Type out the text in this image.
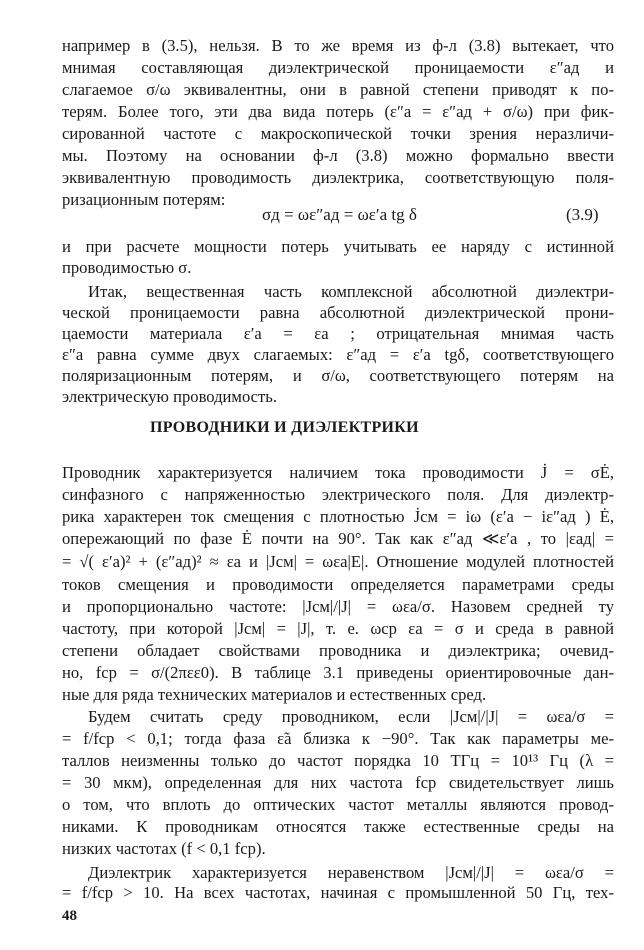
например в (3.5), нельзя. В то же время из ф-л (3.8) вытекает, что
мнимая составляющая диэлектрической проницаемости ε″ад и
слагаемое σ/ω эквивалентны, они в равной степени приводят к по-
терям. Более того, эти два вида потерь (ε″a = ε″ад + σ/ω) при фик-
сированной частоте с макроскопической точки зрения неразличи-
мы. Поэтому на основании ф-л (3.8) можно формально ввести
эквивалентную проводимость диэлектрика, соответствующую поля-
ризационным потерям:
σд = ωε″ад = ωε′a tg δ	(3.9)
и при расчете мощности потерь учитывать ее наряду с истинной
проводимостью σ.
Итак, вещественная часть комплексной абсолютной диэлектри-
ческой проницаемости равна абсолютной диэлектрической прони-
цаемости материала ε′a = εa ; отрицательная мнимая часть
ε″a равна сумме двух слагаемых: ε″ад = ε′a tgδ, соответствующего
поляризационным потерям, и σ/ω, соответствующего потерям на
ПРОВОДНИКИ И ДИЭЛЕКТРИКИ
Проводник характеризуется наличием тока проводимости J̇ = σĖ,
синфазного с напряженностью электрического поля. Для диэлектр-
рика характерен ток смещения с плотностью J̇см = iω (ε′a − iε″ад ) Ė,
опережающий по фазе Ė почти на 90°. Так как ε″ад ≪ε′a , то |εад| =
= √( ε′a)² + (ε″ад)² ≈ εa и |Jсм| = ωεa|E|. Отношение модулей плотностей
токов смещения и проводимости определяется параметрами среды
и пропорционально частоте: |Jсм|/|J| = ωεa/σ. Назовем средней ту
частоту, при которой |Jсм| = |J|, т. е. ωср εa = σ и среда в равной
степени обладает свойствами проводника и диэлектрика; очевид-
но, fср = σ/(2πεε0). В таблице 3.1 приведены ориентировочные дан-
ные для ряда технических материалов и естественных сред.
Будем считать среду проводником, если |Jсм|/|J| = ωεa/σ =
= f/fср < 0,1; тогда фаза ε̃a близка к −90°. Так как параметры ме-
таллов неизменны только до частот порядка 10 ТГц = 10¹³ Гц (λ =
= 30 мкм), определенная для них частота fср свидетельствует лишь
о том, что вплоть до оптических частот металлы являются провод-
никами. К проводникам относятся также естественные среды на
низких частотах (f < 0,1 fср).
Диэлектрик характеризуется неравенством |Jсм|/|J| = ωεa/σ =
= f/fср > 10. На всех частотах, начиная с промышленной 50 Гц, тех-
48
электрическую проводимость.
